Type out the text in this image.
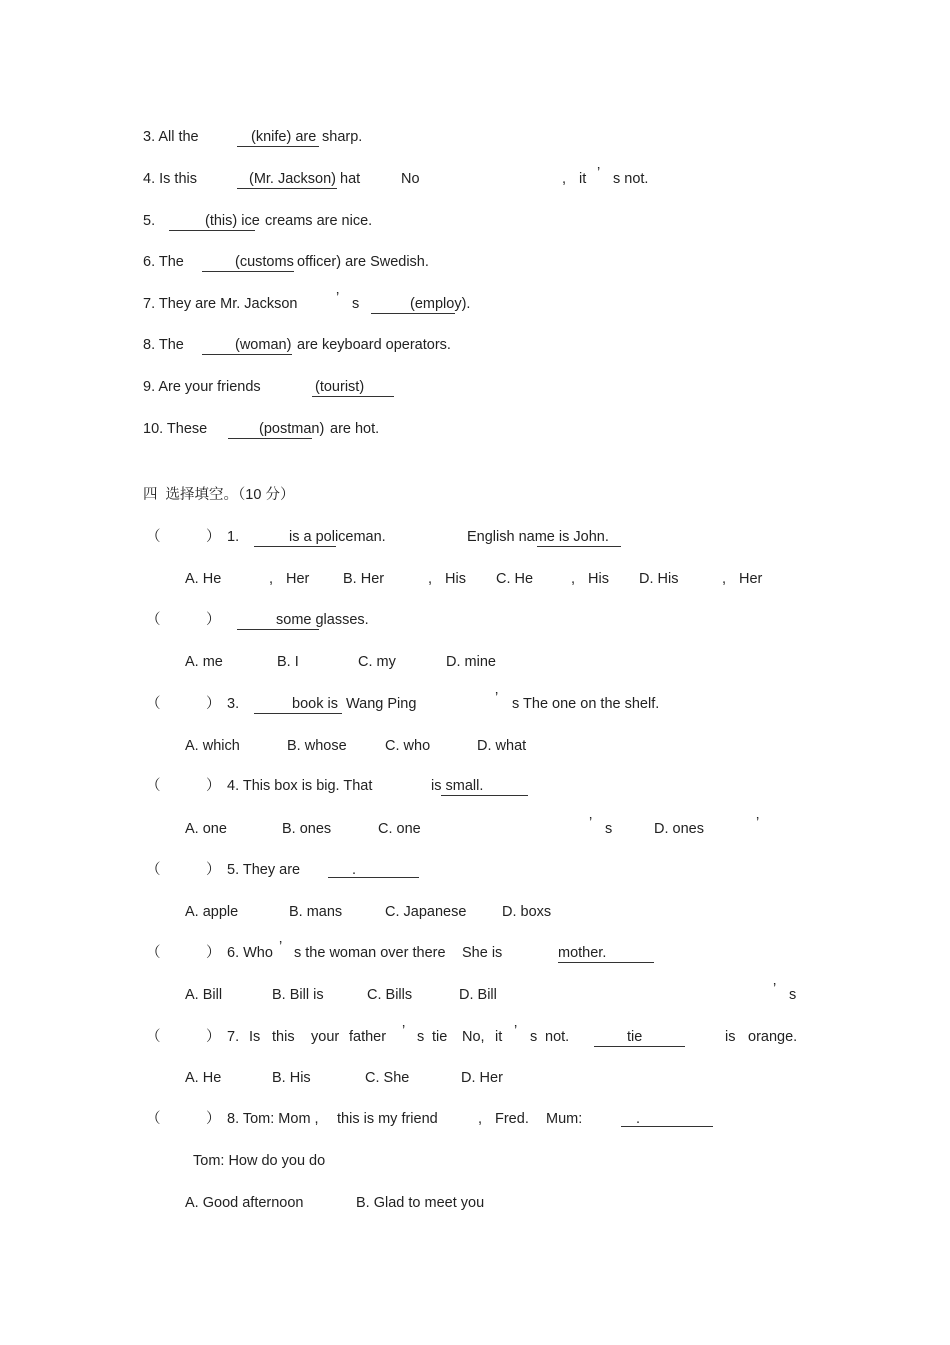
3. All the	(knife) are sharp.
4. Is this	(Mr. Jackson) hat	No	, it ’ s not.
5.	(this) ice creams are nice.
6. The	(customs officer) are Swedish.
7. They are Mr. Jackson	’ s	(employ).
8. The	(woman) are keyboard operators.
9. Are your friends	(tourist)
10. These	(postman) are hot.
四  选择填空。（10 分）
（	） 1.	is a policeman.	English name is John.
A. He	, Her B. Her	, His C. He	, His D. His	, Her
（	）	some glasses.
A. me	B. I	C. my	D. mine
（	） 3.	book is Wang Ping	’ s The one on the shelf.
A. which	B. whose	C. who	D. what
（	） 4. This box is big. That	is small.
A. one	B. ones	C. one	’ s	D. ones	’
（	） 5. They are	.
A. apple	B. mans	C. Japanese D. boxs
（	） 6. Who ’ s the woman over there She is	mother.
A. Bill	B. Bill is	C. Bills	D. Bill	’ s
（	） 7. Is this your father ’ s tie No, it ’ s not.	tie	is orange.
A. He	B. His	C. She	D. Her
（	） 8. Tom: Mom , this is my friend	, Fred. Mum:	.
Tom: How do you do
A. Good afternoon	B. Glad to meet you
